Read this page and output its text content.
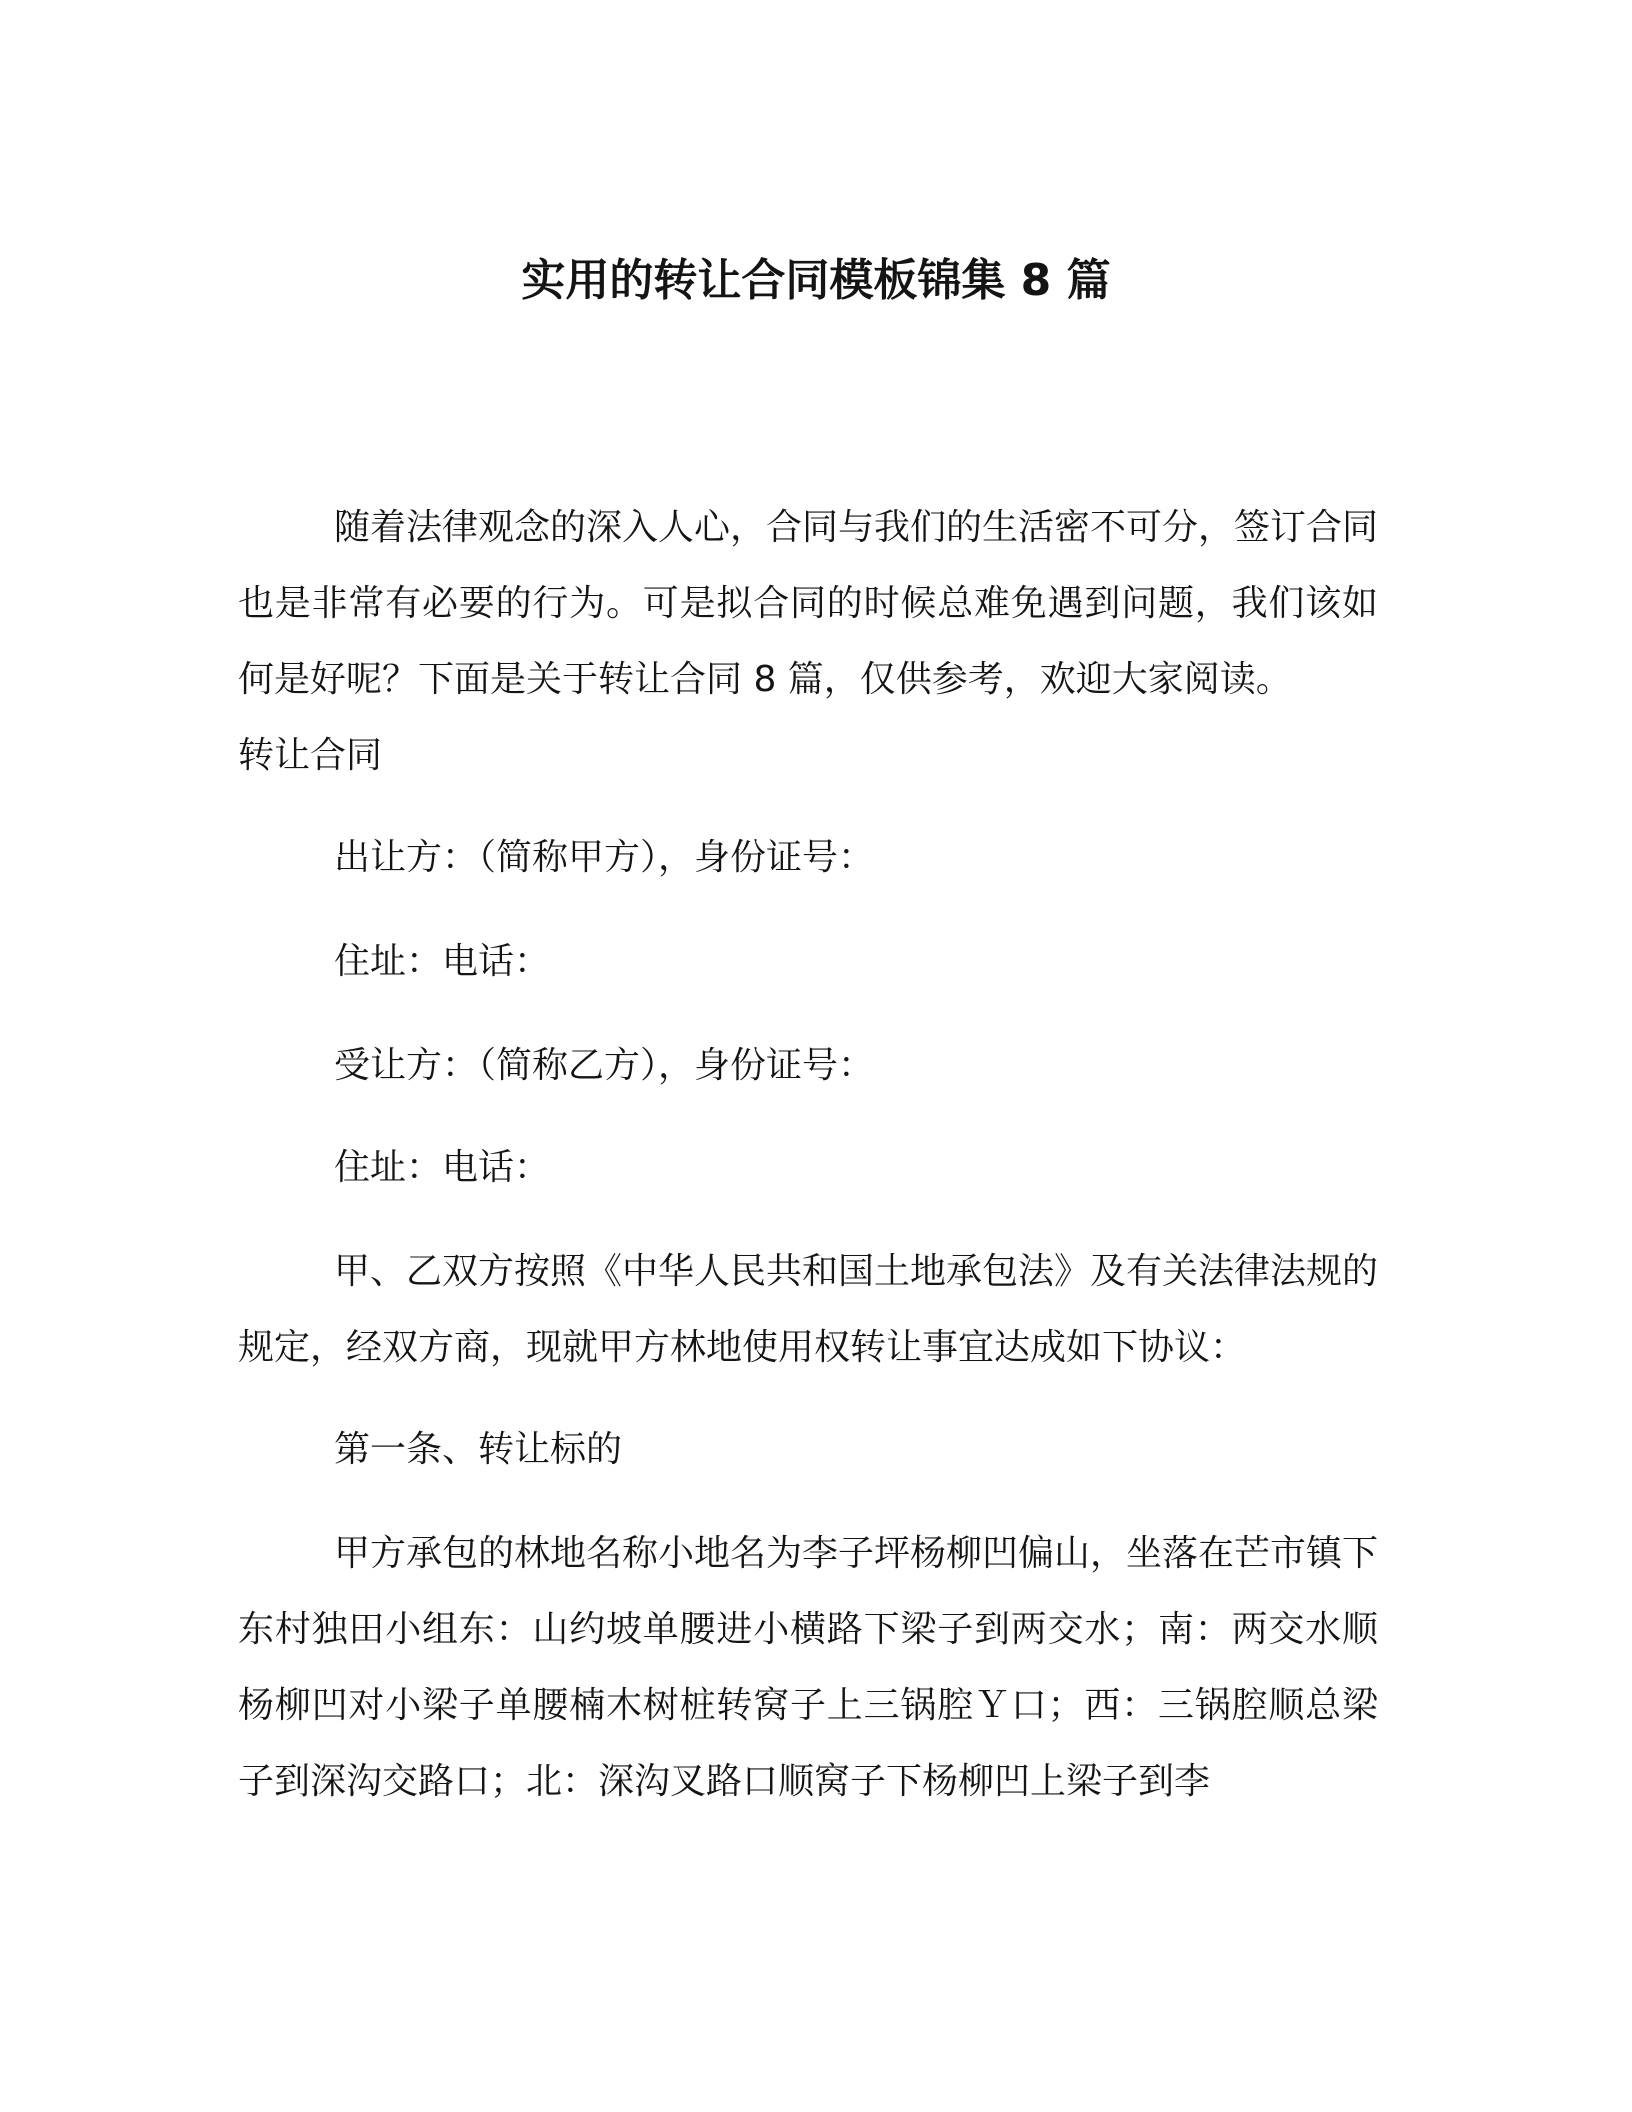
实用的转让合同模板锦集 8 篇

随着法律观念的深入人心，合同与我们的生活密不可分，签订合同也是非常有必要的行为。可是拟合同的时候总难免遇到问题，我们该如何是好呢？下面是关于转让合同 8 篇，仅供参考，欢迎大家阅读。

转让合同

出让方：（简称甲方），身份证号：

住址：电话：

受让方：（简称乙方），身份证号：

住址：电话：

甲、乙双方按照《中华人民共和国土地承包法》及有关法律法规的规定，经双方商，现就甲方林地使用权转让事宜达成如下协议：

第一条、转让标的

甲方承包的林地名称小地名为李子坪杨柳凹偏山，坐落在芒市镇下东村独田小组东：山约坡单腰进小横路下梁子到两交水；南：两交水顺杨柳凹对小梁子单腰楠木树桩转窝子上三锅腔Ｙ口；西：三锅腔顺总梁子到深沟交路口；北：深沟叉路口顺窝子下杨柳凹上梁子到李
